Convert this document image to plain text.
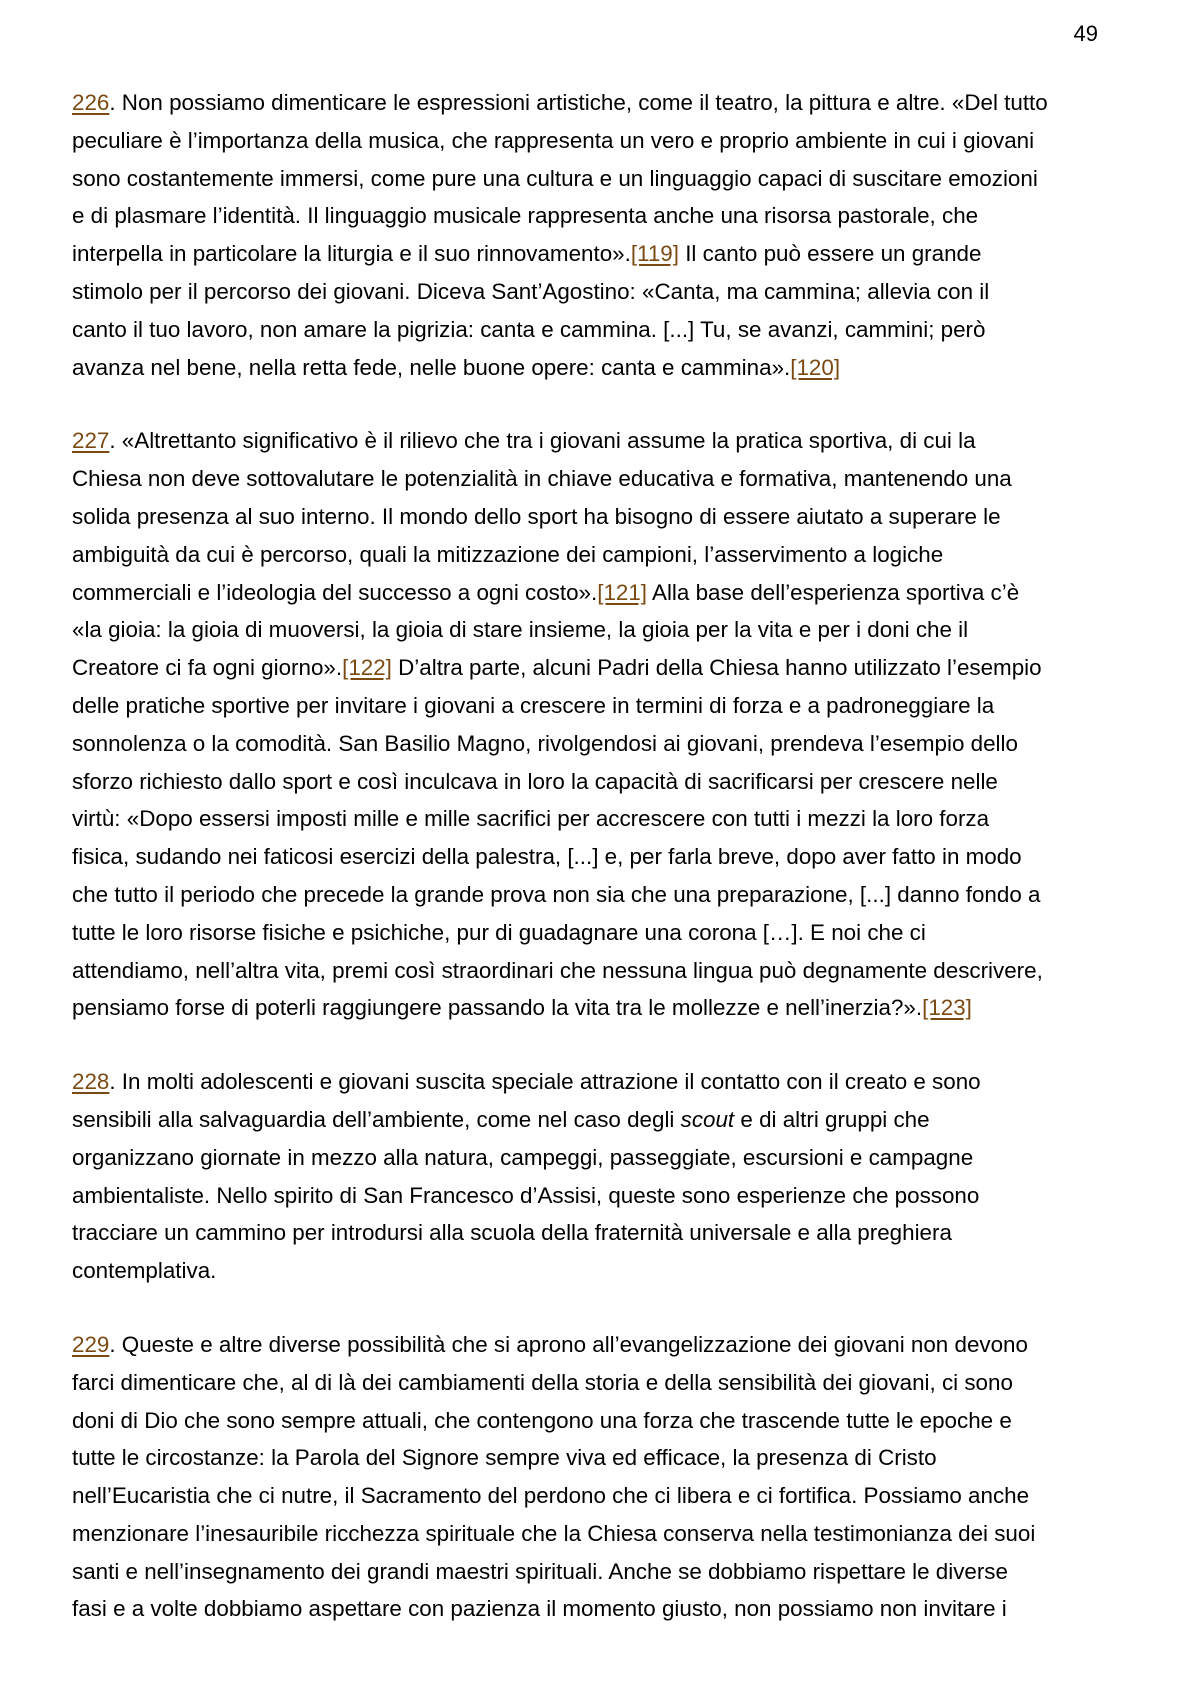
49

226. Non possiamo dimenticare le espressioni artistiche, come il teatro, la pittura e altre. «Del tutto
peculiare è l’importanza della musica, che rappresenta un vero e proprio ambiente in cui i giovani
sono costantemente immersi, come pure una cultura e un linguaggio capaci di suscitare emozioni
e di plasmare l’identità. Il linguaggio musicale rappresenta anche una risorsa pastorale, che
interpella in particolare la liturgia e il suo rinnovamento».[119] Il canto può essere un grande
stimolo per il percorso dei giovani. Diceva Sant’Agostino: «Canta, ma cammina; allevia con il
canto il tuo lavoro, non amare la pigrizia: canta e cammina. [...] Tu, se avanzi, cammini; però
avanza nel bene, nella retta fede, nelle buone opere: canta e cammina».[120]

227. «Altrettanto significativo è il rilievo che tra i giovani assume la pratica sportiva, di cui la
Chiesa non deve sottovalutare le potenzialità in chiave educativa e formativa, mantenendo una
solida presenza al suo interno. Il mondo dello sport ha bisogno di essere aiutato a superare le
ambiguità da cui è percorso, quali la mitizzazione dei campioni, l’asservimento a logiche
commerciali e l’ideologia del successo a ogni costo».[121] Alla base dell’esperienza sportiva c’è
«la gioia: la gioia di muoversi, la gioia di stare insieme, la gioia per la vita e per i doni che il
Creatore ci fa ogni giorno».[122] D’altra parte, alcuni Padri della Chiesa hanno utilizzato l’esempio
delle pratiche sportive per invitare i giovani a crescere in termini di forza e a padroneggiare la
sonnolenza o la comodità. San Basilio Magno, rivolgendosi ai giovani, prendeva l’esempio dello
sforzo richiesto dallo sport e così inculcava in loro la capacità di sacrificarsi per crescere nelle
virtù: «Dopo essersi imposti mille e mille sacrifici per accrescere con tutti i mezzi la loro forza
fisica, sudando nei faticosi esercizi della palestra, [...] e, per farla breve, dopo aver fatto in modo
che tutto il periodo che precede la grande prova non sia che una preparazione, [...] danno fondo a
tutte le loro risorse fisiche e psichiche, pur di guadagnare una corona […]. E noi che ci
attendiamo, nell’altra vita, premi così straordinari che nessuna lingua può degnamente descrivere,
pensiamo forse di poterli raggiungere passando la vita tra le mollezze e nell’inerzia?».[123]

228. In molti adolescenti e giovani suscita speciale attrazione il contatto con il creato e sono
sensibili alla salvaguardia dell’ambiente, come nel caso degli scout e di altri gruppi che
organizzano giornate in mezzo alla natura, campeggi, passeggiate, escursioni e campagne
ambientaliste. Nello spirito di San Francesco d’Assisi, queste sono esperienze che possono
tracciare un cammino per introdursi alla scuola della fraternità universale e alla preghiera
contemplativa.

229. Queste e altre diverse possibilità che si aprono all’evangelizzazione dei giovani non devono
farci dimenticare che, al di là dei cambiamenti della storia e della sensibilità dei giovani, ci sono
doni di Dio che sono sempre attuali, che contengono una forza che trascende tutte le epoche e
tutte le circostanze: la Parola del Signore sempre viva ed efficace, la presenza di Cristo
nell’Eucaristia che ci nutre, il Sacramento del perdono che ci libera e ci fortifica. Possiamo anche
menzionare l’inesauribile ricchezza spirituale che la Chiesa conserva nella testimonianza dei suoi
santi e nell’insegnamento dei grandi maestri spirituali. Anche se dobbiamo rispettare le diverse
fasi e a volte dobbiamo aspettare con pazienza il momento giusto, non possiamo non invitare i
